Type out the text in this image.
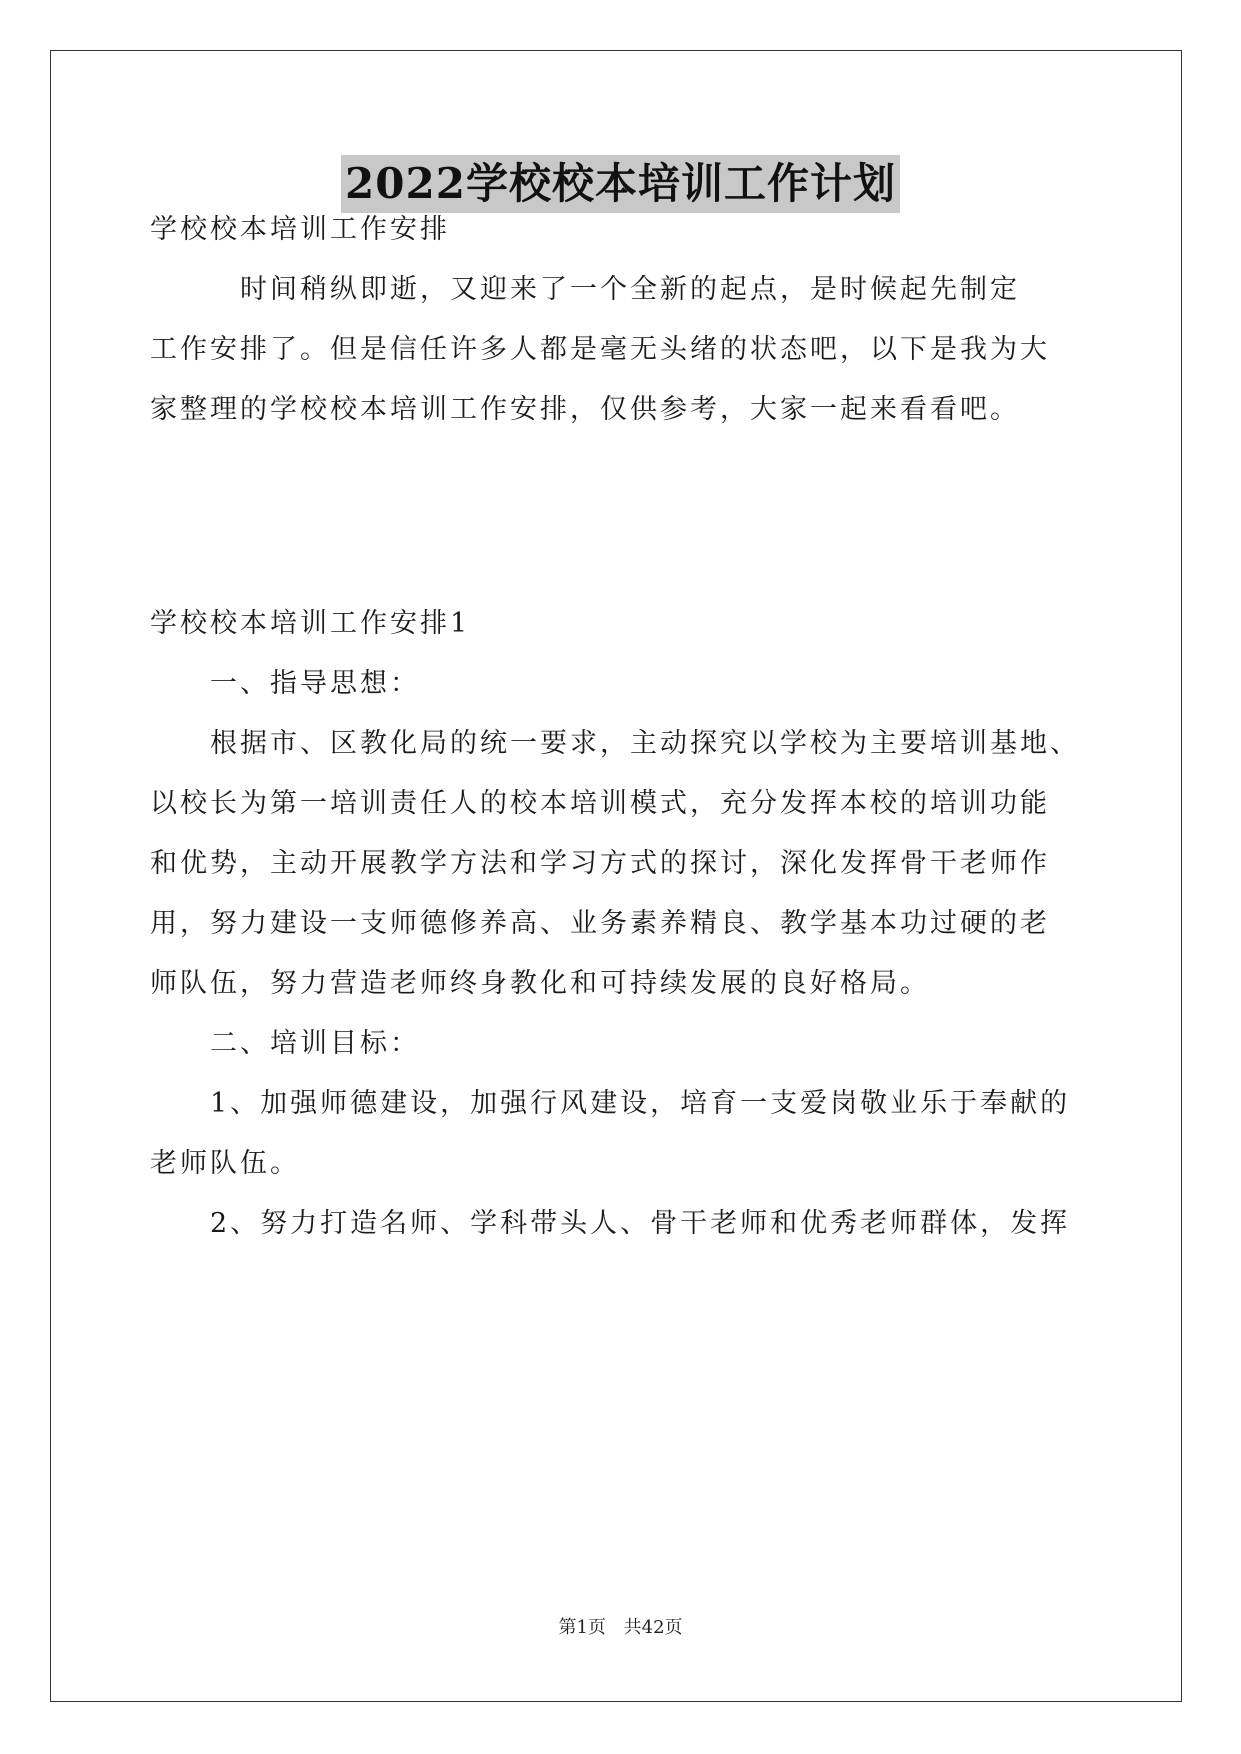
2022学校校本培训工作计划
学校校本培训工作安排
　　　时间稍纵即逝，又迎来了一个全新的起点，是时候起先制定
工作安排了。但是信任许多人都是毫无头绪的状态吧，以下是我为大
家整理的学校校本培训工作安排，仅供参考，大家一起来看看吧。
学校校本培训工作安排1
　　一、指导思想：
　　根据市、区教化局的统一要求，主动探究以学校为主要培训基地、
以校长为第一培训责任人的校本培训模式，充分发挥本校的培训功能
和优势，主动开展教学方法和学习方式的探讨，深化发挥骨干老师作
用，努力建设一支师德修养高、业务素养精良、教学基本功过硬的老
师队伍，努力营造老师终身教化和可持续发展的良好格局。
　　二、培训目标：
　　1、加强师德建设，加强行风建设，培育一支爱岗敬业乐于奉献的
老师队伍。
　　2、努力打造名师、学科带头人、骨干老师和优秀老师群体，发挥
第1页 共42页
